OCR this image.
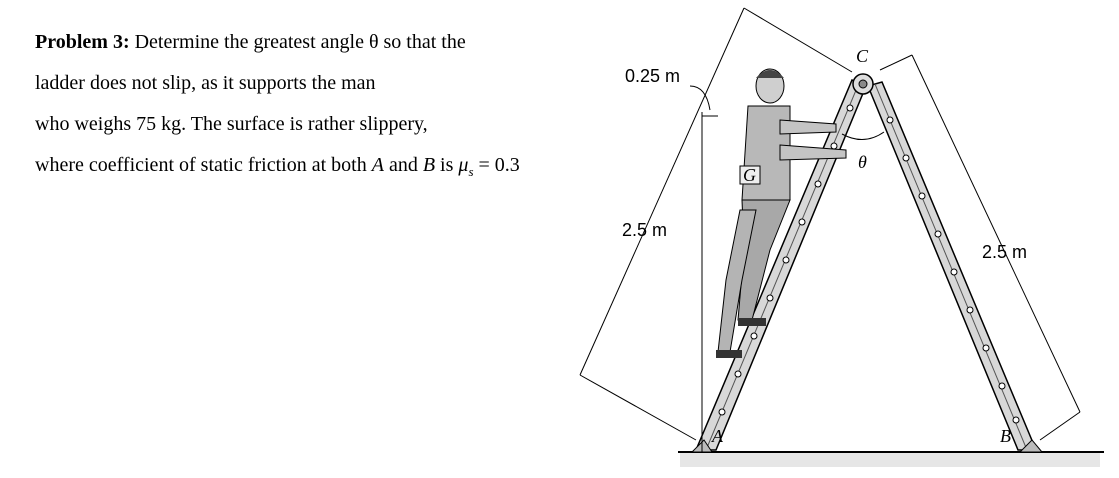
Problem 3: Determine the greatest angle θ so that the

ladder does not slip, as it supports the man

who weighs 75 kg. The surface is rather slippery,

where coefficient of static friction at both A and B is $\mu_s = 0.3$	G
0.25 m
2.5 m
2.5 m
C
θ
A	B
